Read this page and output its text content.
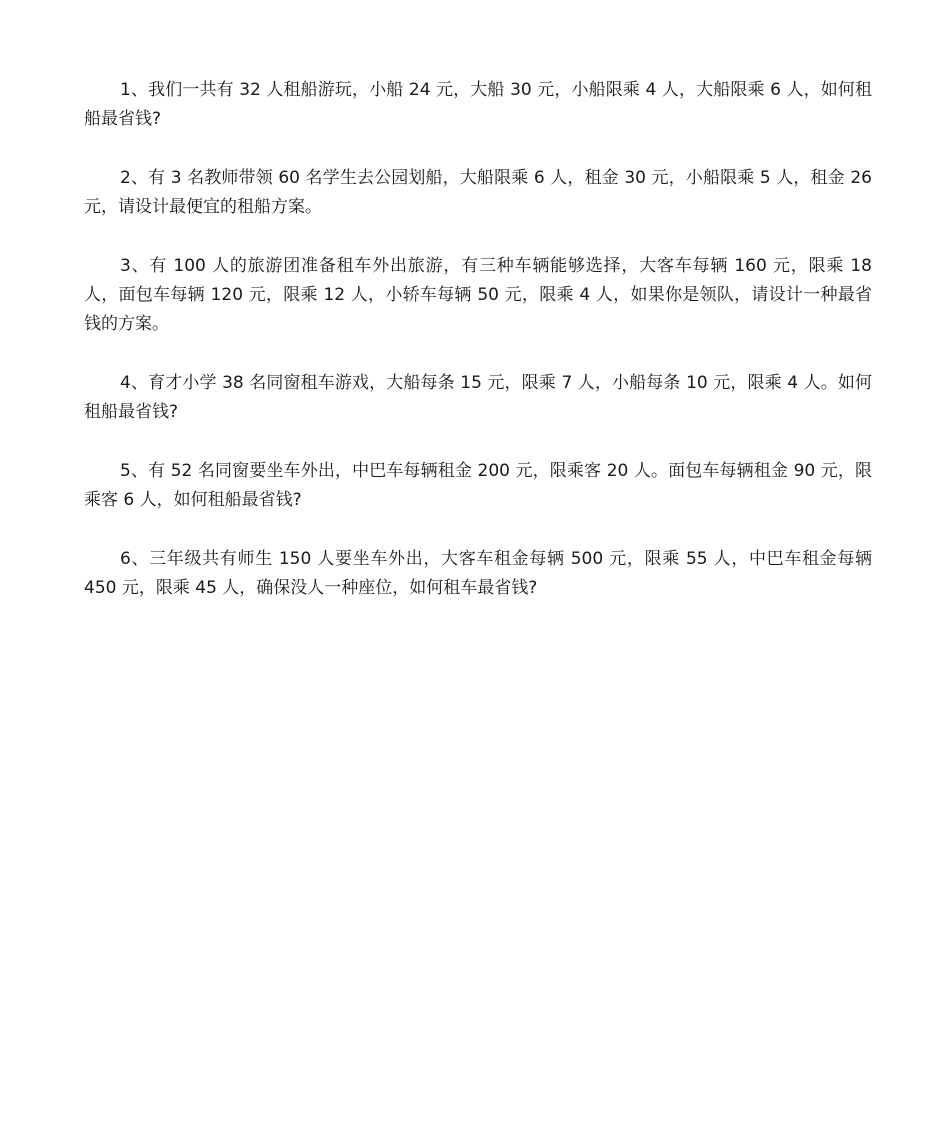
1、我们一共有 32 人租船游玩，小船 24 元，大船 30 元，小船限乘 4 人，大船限乘 6 人，如何租船最省钱?

2、有 3 名教师带领 60 名学生去公园划船，大船限乘 6 人，租金 30 元，小船限乘 5 人，租金 26 元，请设计最便宜的租船方案。

3、有 100 人的旅游团准备租车外出旅游，有三种车辆能够选择，大客车每辆 160 元，限乘 18 人，面包车每辆 120 元，限乘 12 人，小轿车每辆 50 元，限乘 4 人，如果你是领队，请设计一种最省钱的方案。

4、育才小学 38 名同窗租车游戏，大船每条 15 元，限乘 7 人，小船每条 10 元，限乘 4 人。如何租船最省钱?

5、有 52 名同窗要坐车外出，中巴车每辆租金 200 元，限乘客 20 人。面包车每辆租金 90 元，限乘客 6 人，如何租船最省钱?

6、三年级共有师生 150 人要坐车外出，大客车租金每辆 500 元，限乘 55 人，中巴车租金每辆 450 元，限乘 45 人，确保没人一种座位，如何租车最省钱?
